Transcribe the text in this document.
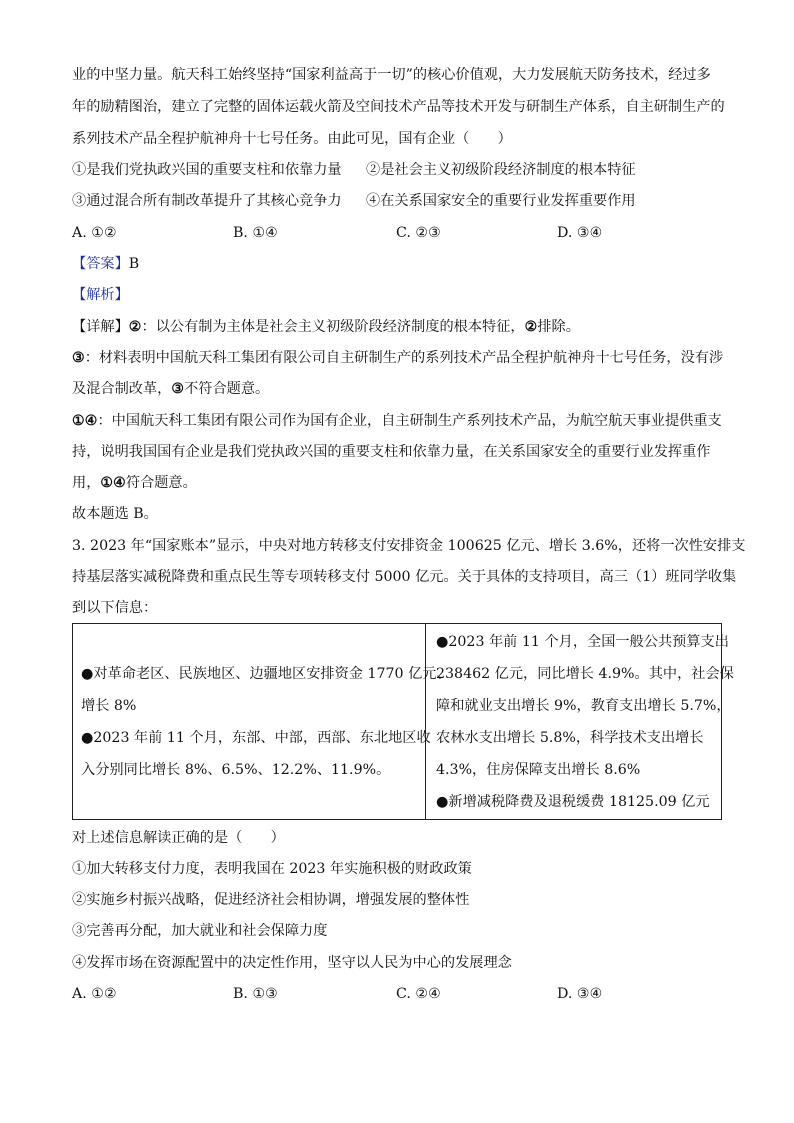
业的中坚力量。航天科工始终坚持“国家利益高于一切”的核心价值观，大力发展航天防务技术，经过多
年的励精图治，建立了完整的固体运载火箭及空间技术产品等技术开发与研制生产体系，自主研制生产的
系列技术产品全程护航神舟十七号任务。由此可见，国有企业（　　）
①是我们党执政兴国的重要支柱和依靠力量 ②是社会主义初级阶段经济制度的根本特征
③通过混合所有制改革提升了其核心竞争力 ④在关系国家安全的重要行业发挥重要作用
A. ①②	B. ①④	C. ②③	D. ③④
【答案】B
【解析】
【详解】②：以公有制为主体是社会主义初级阶段经济制度的根本特征，②排除。
③：材料表明中国航天科工集团有限公司自主研制生产的系列技术产品全程护航神舟十七号任务，没有涉
及混合制改革，③不符合题意。
①④：中国航天科工集团有限公司作为国有企业，自主研制生产系列技术产品，为航空航天事业提供重支
持，说明我国国有企业是我们党执政兴国的重要支柱和依靠力量，在关系国家安全的重要行业发挥重作
用，①④符合题意。
故本题选 B。
3. 2023 年“国家账本”显示，中央对地方转移支付安排资金 100625 亿元、增长 3.6%，还将一次性安排支
持基层落实减税降费和重点民生等专项转移支付 5000 亿元。关于具体的支持项目，高三（1）班同学收集
到以下信息：
●对革命老区、民族地区、边疆地区安排资金 1770 亿元、
增长 8%
●2023 年前 11 个月，东部、中部，西部、东北地区收
入分别同比增长 8%、6.5%、12.2%、11.9%。

●2023 年前 11 个月，全国一般公共预算支出
238462 亿元，同比增长 4.9%。其中，社会保
障和就业支出增长 9%，教育支出增长 5.7%，
农林水支出增长 5.8%，科学技术支出增长
4.3%，住房保障支出增长 8.6%
●新增减税降费及退税缓费 18125.09 亿元
对上述信息解读正确的是（　　）
①加大转移支付力度，表明我国在 2023 年实施积极的财政政策
②实施乡村振兴战略，促进经济社会相协调，增强发展的整体性
③完善再分配，加大就业和社会保障力度
④发挥市场在资源配置中的决定性作用，坚守以人民为中心的发展理念
A. ①②	B. ①③	C. ②④	D. ③④
